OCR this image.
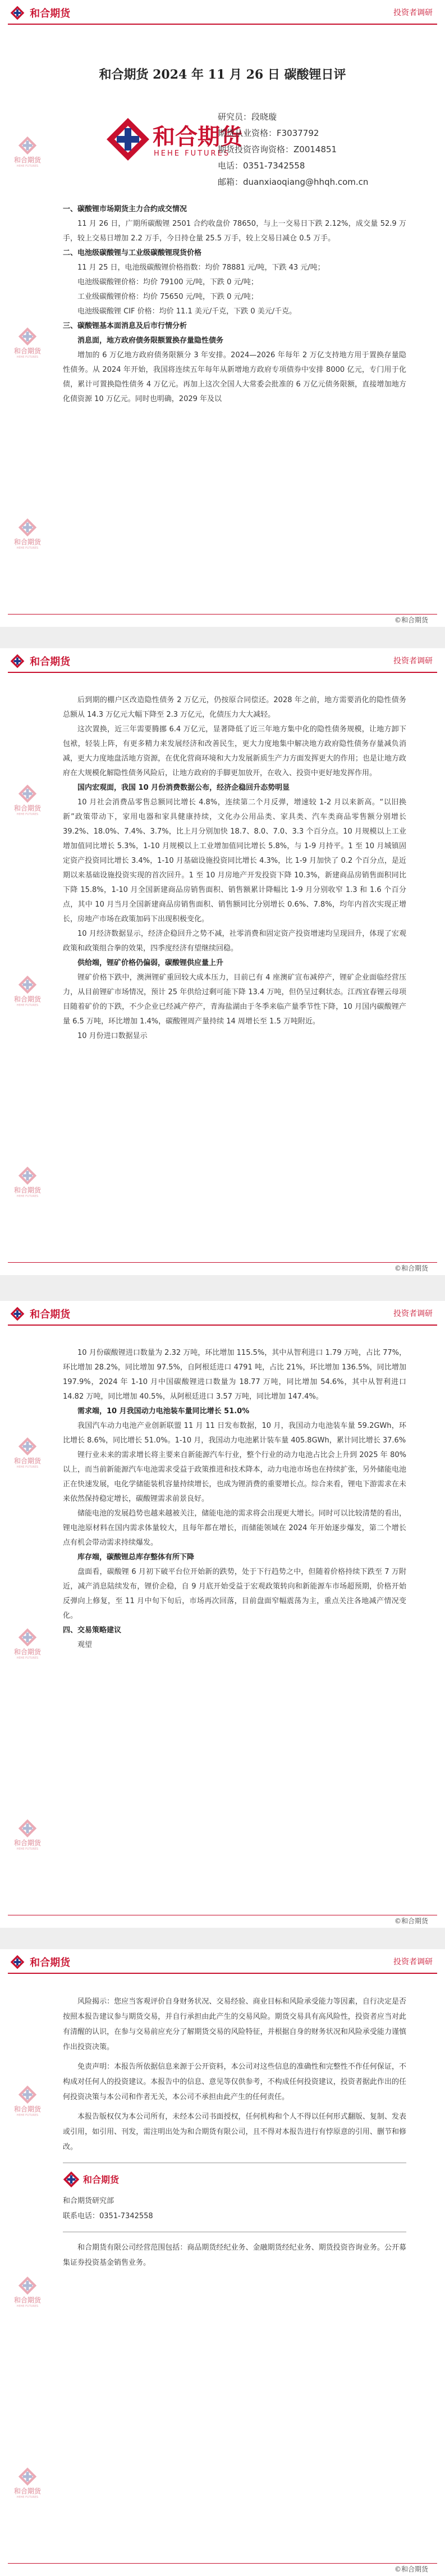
和合期货	投资者调研
和合期货 2024 年 11 月 26 日 碳酸锂日评
和合期货
HEHE FUTURES
研究员：段晓璇
期货从业资格：F3037792
期货投资咨询资格：Z0014851
电话：0351-7342558
邮箱：duanxiaoqiang@hhqh.com.cn

一、碳酸锂市场期货主力合约成交情况

11 月 26 日，广期所碳酸锂 2501 合约收盘价 78650，与上一交易日下跌 2.12%，成交量 52.9 万手，较上交易日增加 2.2 万手，今日持仓量 25.5 万手，较上交易日减仓 0.5 万手。

二、电池级碳酸锂与工业级碳酸锂现货价格

11 月 25 日，电池级碳酸锂价格指数：均价 78881 元/吨，下跌 43 元/吨；

电池级碳酸锂价格：均价 79100 元/吨，下跌 0 元/吨；

工业级碳酸锂价格：均价 75650 元/吨，下跌 0 元/吨；

电池级碳酸锂 CIF 价格：均价 11.1 美元/千克，下跌 0 美元/千克。

三、碳酸锂基本面消息及后市行情分析

消息面，地方政府债务限额置换存量隐性债务

增加的 6 万亿地方政府债务限额分 3 年安排。2024—2026 年每年 2 万亿支持地方用于置换存量隐性债务。从 2024 年开始，我国将连续五年每年从新增地方政府专项债券中安排 8000 亿元，专门用于化债，累计可置换隐性债务 4 万亿元。再加上这次全国人大常委会批准的 6 万亿元债务限额，直接增加地方化债资源 10 万亿元。同时也明确，2029 年及以

和合期货
HEHE FUTURES
和合期货
HEHE FUTURES
和合期货
HEHE FUTURES
©和合期货
和合期货	投资者调研

后到期的棚户区改造隐性债务 2 万亿元，仍按原合同偿还。2028 年之前，地方需要消化的隐性债务总额从 14.3 万亿元大幅下降至 2.3 万亿元，化债压力大大减轻。

这次置换，近三年需要腾挪 6.4 万亿元，显著降低了近三年地方集中化的隐性债务规模，让地方卸下包袱，轻装上阵，有更多精力来发展经济和改善民生，更大力度地集中解决地方政府隐性债务存量减负消减，更大力度地盘活地方资源，在优化营商环境和大力发展新质生产力方面发挥更大的作用；也是让地方政府在大规模化解隐性债务风险后，让地方政府的手脚更加放开，在收入、投资中更好地发挥作用。

国内宏观面，我国 10 月份消费数据公布，经济企稳回升态势明显

10 月社会消费品零售总额同比增长 4.8%，连续第二个月反弹，增速较 1-2 月以来新高。“以旧换新”政策带动下，家用电器和家具健康持续，文化办公用品类、家具类、汽车类商品零售额分别增长 39.2%、18.0%、7.4%、3.7%，比上月分别加快 18.7、8.0、7.0、3.3 个百分点。10 月规模以上工业增加值同比增长 5.3%，1-10 月规模以上工业增加值同比增长 5.8%，与 1-9 月持平。1 至 10 月城镇固定资产投资同比增长 3.4%，1-10 月基础设施投资同比增长 4.3%，比 1-9 月加快了 0.2 个百分点，是近期以来基础设施投资实现的首次回升。1 至 10 月房地产开发投资下降 10.3%，新建商品房销售面积同比下降 15.8%，1-10 月全国新建商品房销售面积、销售额累计降幅比 1-9 月分别收窄 1.3 和 1.6 个百分点，其中 10 月当月全国新建商品房销售面积、销售额同比分别增长 0.6%、7.8%，均年内首次实现正增长，房地产市场在政策加码下出现积极变化。

10 月经济数据显示，经济企稳回升之势不减，社零消费和固定资产投资增速均呈现回升，体现了宏观政策和政策组合拳的效果，四季度经济有望继续回稳。

供给端，锂矿价格仍偏弱，碳酸锂供应量上升

锂矿价格下跌中，澳洲锂矿重回较大成本压力，目前已有 4 座澳矿宣布减停产，锂矿企业面临经营压力，从目前锂矿市场情况，预计 25 年供给过剩可能下降 13.4 万吨，但仍呈过剩状态。江西宜春锂云母项目随着矿价的下跌，不少企业已经减产停产，青海盐湖由于冬季来临产量季节性下降，10 月国内碳酸锂产量 6.5 万吨，环比增加 1.4%，碳酸锂周产量持续 14 周增长至 1.5 万吨附近。

10 月份进口数据显示

和合期货
HEHE FUTURES
和合期货
HEHE FUTURES
和合期货
HEHE FUTURES
©和合期货
和合期货	投资者调研

10 月份碳酸锂进口数量为 2.32 万吨，环比增加 115.5%，其中从智利进口 1.79 万吨，占比 77%，环比增加 28.2%，同比增加 97.5%，自阿根廷进口 4791 吨，占比 21%，环比增加 136.5%，同比增加 197.9%，2024 年 1-10 月中国碳酸锂进口数量为 18.77 万吨，同比增加 54.6%，其中从智利进口 14.82 万吨，同比增加 40.5%，从阿根廷进口 3.57 万吨，同比增加 147.4%。

需求端，10 月我国动力电池装车量同比增长 51.0%

我国汽车动力电池产业创新联盟 11 月 11 日发布数据，10 月，我国动力电池装车量 59.2GWh，环比增长 8.6%，同比增长 51.0%。1-10 月，我国动力电池累计装车量 405.8GWh，累计同比增长 37.6%

锂行业未来的需求增长将主要来自新能源汽车行业，整个行业的动力电池占比会上升到 2025 年 80% 以上，而当前新能源汽车电池需求受益于政策推进和技术降本，动力电池市场也在持续扩张，另外储能电池正在快速发展，电化学储能装机容量持续增长，也成为锂消费的重要增长点。综合来看，锂电下游需求在未来依然保持稳定增长，碳酸锂需求前景良好。

储能电池的发展趋势也越来越被关注，储能电池的需求将会出现更大增长。同时可以比较清楚的看出，锂电池原材料在国内需求体量较大，且每年都在增长，而储能领域在 2024 年开始逐步爆发，第二个增长点有机会带动需求持续爆发。

库存端，碳酸锂总库存整体有所下降

盘面看，碳酸锂 6 月初下破平台位开始新的跌势，处于下行趋势之中，但随着价格持续下跌至 7 万附近，减产消息陆续发布，锂价企稳，自 9 月底开始受益于宏观政策转向和新能源车市场超预期，价格开始反弹向上修复，至 11 月中旬下旬后，市场再次回落，目前盘面窄幅震荡为主，重点关注各地减产情况变化。

四、交易策略建议

观望

和合期货
HEHE FUTURES
和合期货
HEHE FUTURES
和合期货
HEHE FUTURES
©和合期货
和合期货	投资者调研

风险揭示：您应当客观评价自身财务状况、交易经验、商业目标和风险承受能力等因素，自行决定是否按照本报告建议参与期货交易，并自行承担由此产生的交易风险。期货交易具有高风险性，投资者应当对此有清醒的认识，在参与交易前应充分了解期货交易的风险特征，并根据自身的财务状况和风险承受能力谨慎作出投资决策。

免责声明：本报告所依据信息来源于公开资料，本公司对这些信息的准确性和完整性不作任何保证，不构成对任何人的投资建议。本报告中的信息、意见等仅供参考，不构成任何投资建议，投资者据此作出的任何投资决策与本公司和作者无关，本公司不承担由此产生的任何责任。

本报告版权仅为本公司所有，未经本公司书面授权，任何机构和个人不得以任何形式翻版、复制、发表或引用，如引用、刊发，需注明出处为和合期货有限公司，且不得对本报告进行有悖原意的引用、删节和修改。

和合期货
和合期货研究部
联系电话：0351-7342558

和合期货有限公司经营范围包括：商品期货经纪业务、金融期货经纪业务、期货投资咨询业务。公开募集证券投资基金销售业务。

和合期货
HEHE FUTURES
和合期货
HEHE FUTURES
和合期货
HEHE FUTURES
©和合期货
